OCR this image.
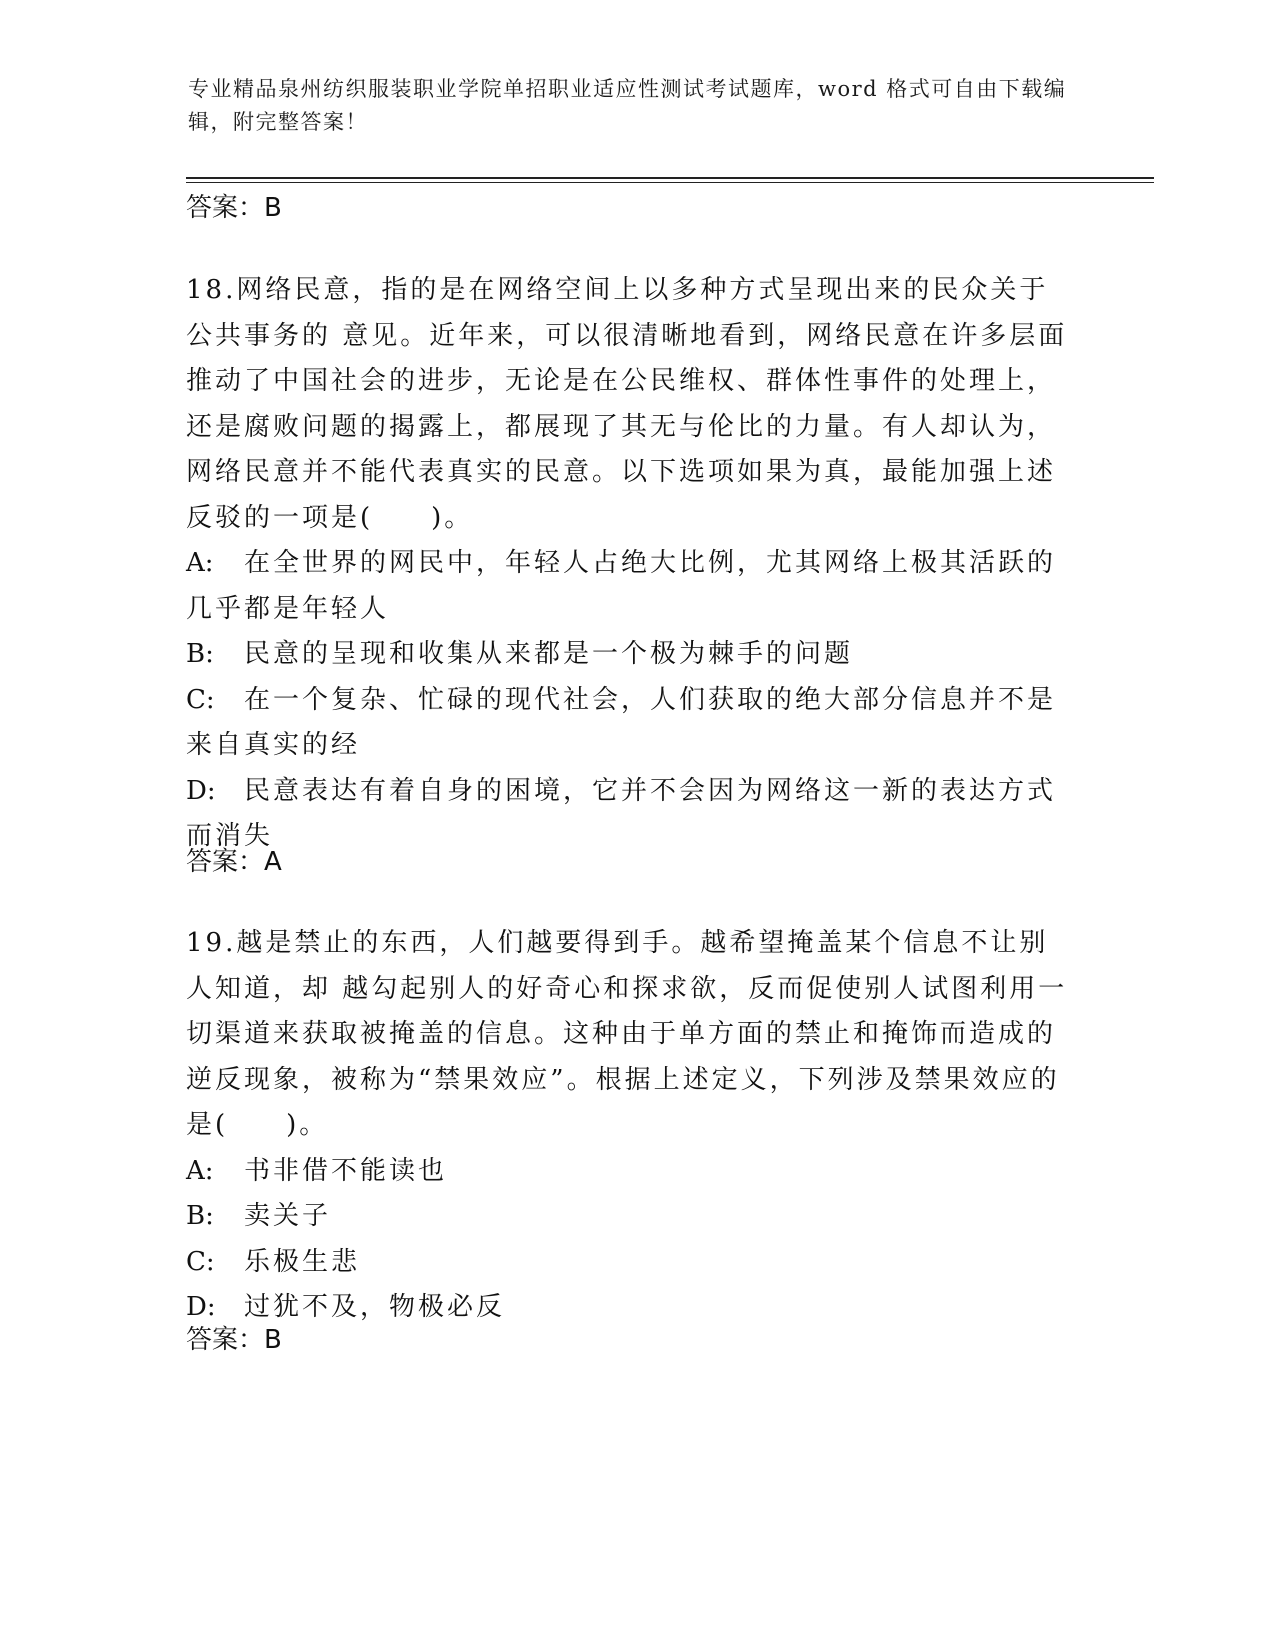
专业精品泉州纺织服装职业学院单招职业适应性测试考试题库，word 格式可自由下载编辑，附完整答案！
答案：B

18.网络民意，指的是在网络空间上以多种方式呈现出来的民众关于公共事务的 意见。近年来，可以很清晰地看到，网络民意在许多层面推动了中国社会的进步，无论是在公民维权、群体性事件的处理上，还是腐败问题的揭露上，都展现了其无与伦比的力量。有人却认为，网络民意并不能代表真实的民意。以下选项如果为真，最能加强上述反驳的一项是(　　)。

A: 在全世界的网民中，年轻人占绝大比例，尤其网络上极其活跃的几乎都是年轻人
B: 民意的呈现和收集从来都是一个极为棘手的问题
C: 在一个复杂、忙碌的现代社会，人们获取的绝大部分信息并不是来自真实的经
D: 民意表达有着自身的困境，它并不会因为网络这一新的表达方式而消失
答案：A

19.越是禁止的东西，人们越要得到手。越希望掩盖某个信息不让别人知道，却 越勾起别人的好奇心和探求欲，反而促使别人试图利用一切渠道来获取被掩盖的信息。这种由于单方面的禁止和掩饰而造成的逆反现象，被称为“禁果效应”。根据上述定义，下列涉及禁果效应的是(　　)。

A: 书非借不能读也
B: 卖关子
C: 乐极生悲
D: 过犹不及，物极必反
答案：B
